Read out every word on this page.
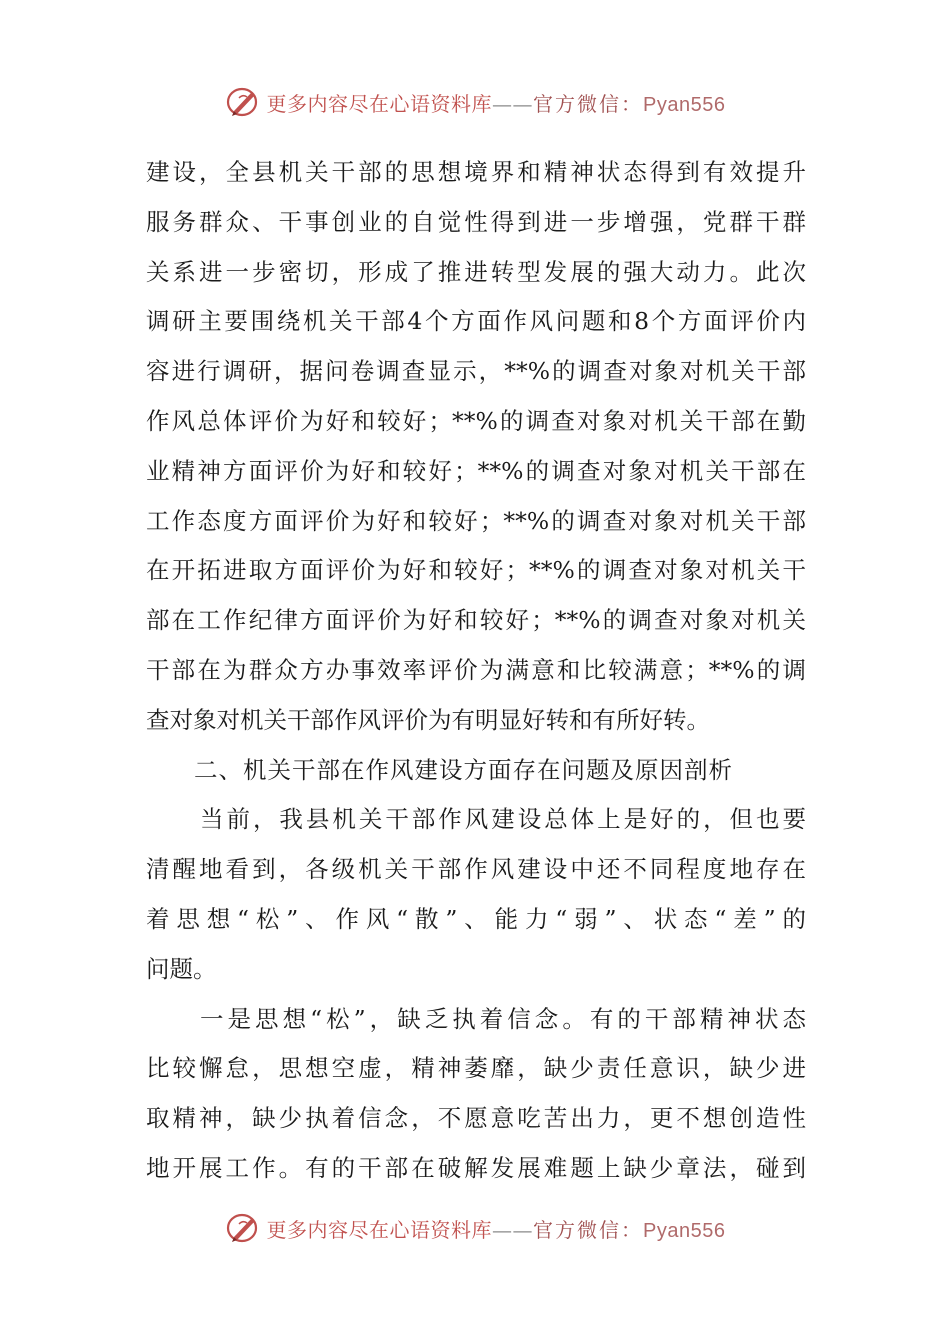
更多内容尽在心语资料库——官方微信：Pyan556
建设，全县机关干部的思想境界和精神状态得到有效提升
服务群众、干事创业的自觉性得到进一步增强，党群干群
关系进一步密切，形成了推进转型发展的强大动力。此次
调研主要围绕机关干部4个方面作风问题和8个方面评价内
容进行调研，据问卷调查显示，**%的调查对象对机关干部
作风总体评价为好和较好；**%的调查对象对机关干部在勤
业精神方面评价为好和较好；**%的调查对象对机关干部在
工作态度方面评价为好和较好；**%的调查对象对机关干部
在开拓进取方面评价为好和较好；**%的调查对象对机关干
部在工作纪律方面评价为好和较好；**%的调查对象对机关
干部在为群众方办事效率评价为满意和比较满意；**%的调
查对象对机关干部作风评价为有明显好转和有所好转。
二、机关干部在作风建设方面存在问题及原因剖析
当前，我县机关干部作风建设总体上是好的，但也要
清醒地看到，各级机关干部作风建设中还不同程度地存在
着思想“松”、作风“散”、能力“弱”、状态“差”的
问题。
一是思想“松”，缺乏执着信念。有的干部精神状态
比较懈怠，思想空虚，精神萎靡，缺少责任意识，缺少进
取精神，缺少执着信念，不愿意吃苦出力，更不想创造性
地开展工作。有的干部在破解发展难题上缺少章法，碰到
更多内容尽在心语资料库——官方微信：Pyan556
